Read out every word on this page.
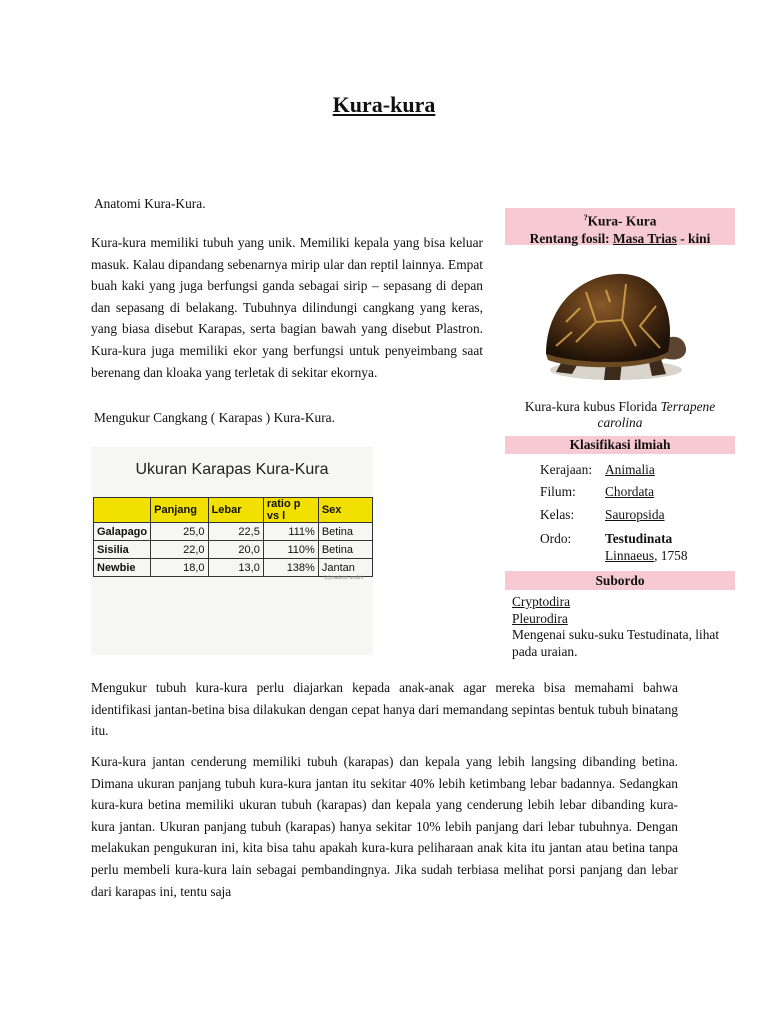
Kura-kura
Anatomi Kura-Kura.
Kura-kura memiliki tubuh yang unik. Memiliki kepala yang bisa keluar masuk. Kalau dipandang sebenarnya mirip ular dan reptil lainnya. Empat buah kaki yang juga berfungsi ganda sebagai sirip – sepasang di depan dan sepasang di belakang. Tubuhnya dilindungi cangkang yang keras, yang biasa disebut Karapas, serta bagian bawah yang disebut Plastron. Kura-kura juga memiliki ekor yang berfungsi untuk penyeimbang saat berenang dan kloaka yang terletak di sekitar ekornya.
Mengukur Cangkang ( Karapas ) Kura-Kura.
Ukuran Karapas Kura-Kura
	Panjang	Lebar	ratio p vs l	Sex
Galapago	25,0	22,5	111%	Betina
Sisilia	22,0	20,0	110%	Betina
Newbie	18,0	13,0	138%	Jantan
(c)madesri andini
?Kura- Kura
Rentang fosil: Masa Trias - kini
Kura-kura kubus Florida Terrapene carolina
Klasifikasi ilmiah
Kerajaan: Animalia
Filum: Chordata
Kelas: Sauropsida
Ordo:	Testudinata
Linnaeus, 1758
Subordo
Cryptodira
Pleurodira
Mengenai suku-suku Testudinata, lihat pada uraian.
Mengukur tubuh kura-kura perlu diajarkan kepada anak-anak agar mereka bisa memahami bahwa identifikasi jantan-betina bisa dilakukan dengan cepat hanya dari memandang sepintas bentuk tubuh binatang itu.
Kura-kura jantan cenderung memiliki tubuh (karapas) dan kepala yang lebih langsing dibanding betina. Dimana ukuran panjang tubuh kura-kura jantan itu sekitar 40% lebih ketimbang lebar badannya. Sedangkan kura-kura betina memiliki ukuran tubuh (karapas) dan kepala yang cenderung lebih lebar dibanding kura-kura jantan. Ukuran panjang tubuh (karapas) hanya sekitar 10% lebih panjang dari lebar tubuhnya. Dengan melakukan pengukuran ini, kita bisa tahu apakah kura-kura peliharaan anak kita itu jantan atau betina tanpa perlu membeli kura-kura lain sebagai pembandingnya. Jika sudah terbiasa melihat porsi panjang dan lebar dari karapas ini, tentu saja
